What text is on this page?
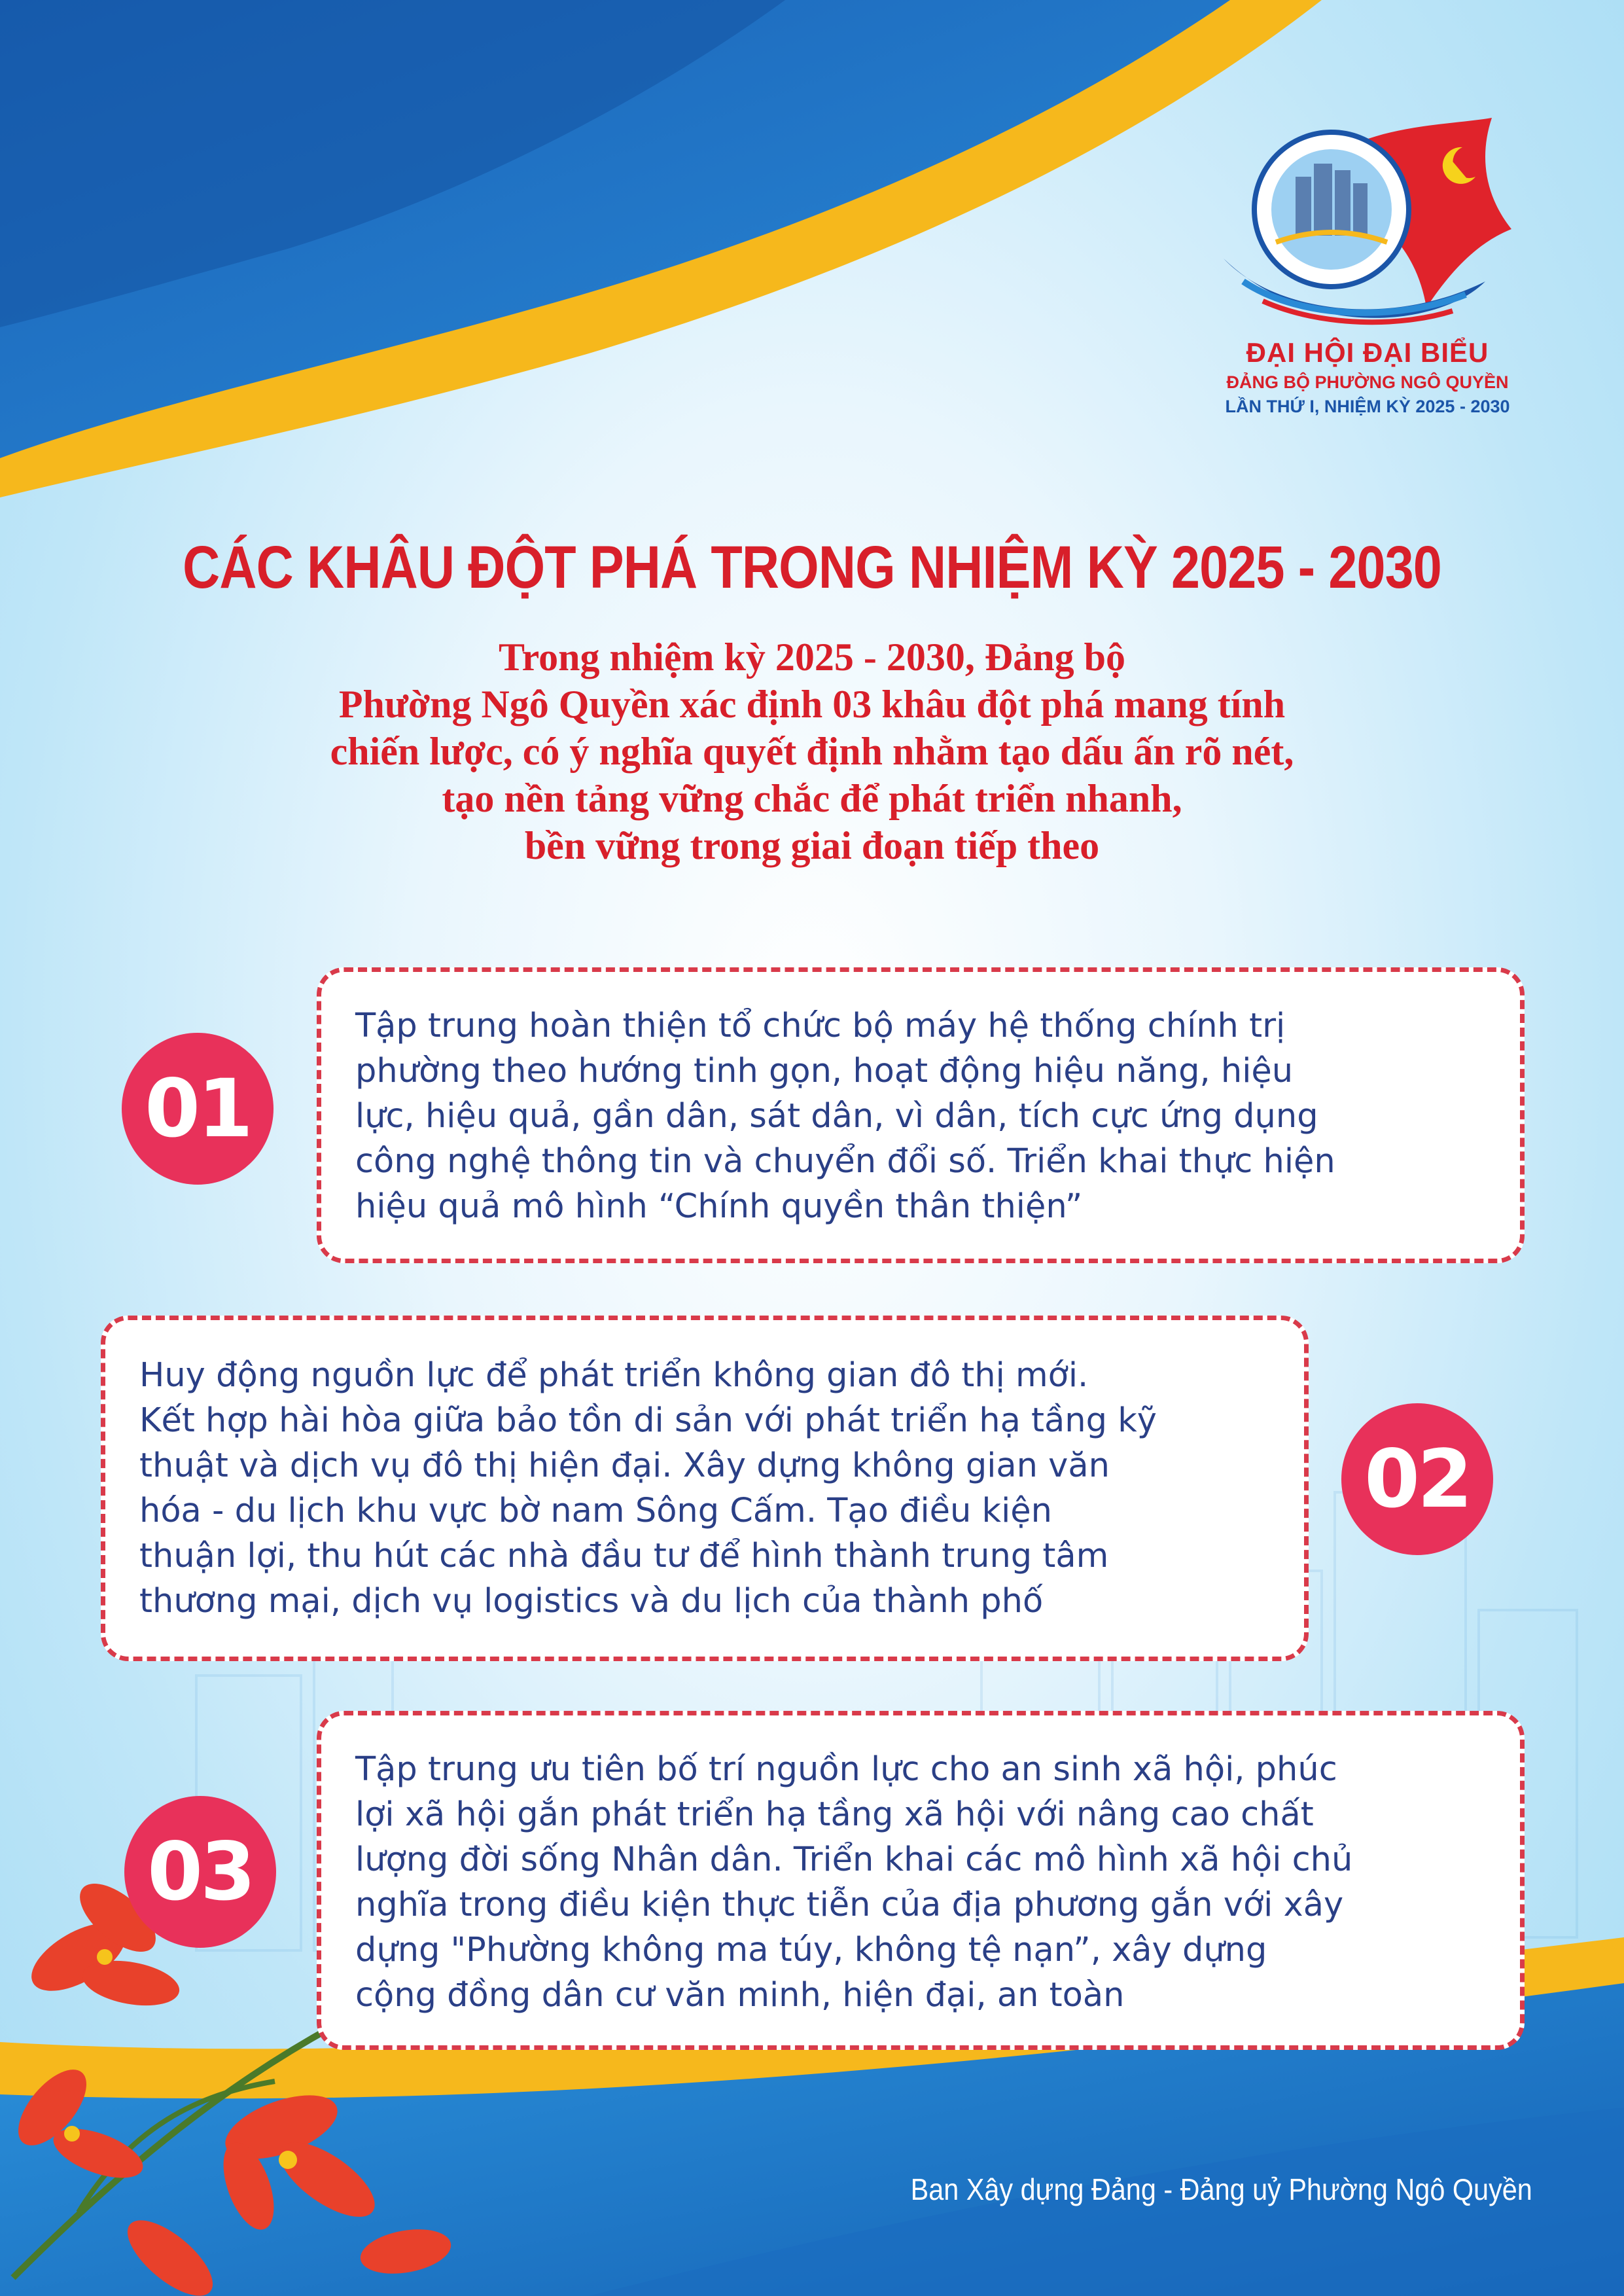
ĐẠI HỘI ĐẠI BIỂU
ĐẢNG BỘ PHƯỜNG NGÔ QUYỀN
LẦN THỨ I, NHIỆM KỲ 2025 - 2030
CÁC KHÂU ĐỘT PHÁ TRONG NHIỆM KỲ 2025 - 2030
Trong nhiệm kỳ 2025 - 2030, Đảng bộ
Phường Ngô Quyền xác định 03 khâu đột phá mang tính
chiến lược, có ý nghĩa quyết định nhằm tạo dấu ấn rõ nét,
tạo nền tảng vững chắc để phát triển nhanh,
bền vững trong giai đoạn tiếp theo
01
Tập trung hoàn thiện tổ chức bộ máy hệ thống chính trị
phường theo hướng tinh gọn, hoạt động hiệu năng, hiệu
lực, hiệu quả, gần dân, sát dân, vì dân, tích cực ứng dụng
công nghệ thông tin và chuyển đổi số. Triển khai thực hiện
hiệu quả mô hình “Chính quyền thân thiện”
Huy động nguồn lực để phát triển không gian đô thị mới.
Kết hợp hài hòa giữa bảo tồn di sản với phát triển hạ tầng kỹ
thuật và dịch vụ đô thị hiện đại. Xây dựng không gian văn
hóa - du lịch khu vực bờ nam Sông Cấm. Tạo điều kiện
thuận lợi, thu hút các nhà đầu tư để hình thành trung tâm
thương mại, dịch vụ logistics và du lịch của thành phố
02
03
Tập trung ưu tiên bố trí nguồn lực cho an sinh xã hội, phúc
lợi xã hội gắn phát triển hạ tầng xã hội với nâng cao chất
lượng đời sống Nhân dân. Triển khai các mô hình xã hội chủ
nghĩa trong điều kiện thực tiễn của địa phương gắn với xây
dựng "Phường không ma túy, không tệ nạn”, xây dựng
cộng đồng dân cư văn minh, hiện đại, an toàn
Ban Xây dựng Đảng - Đảng uỷ Phường Ngô Quyền
